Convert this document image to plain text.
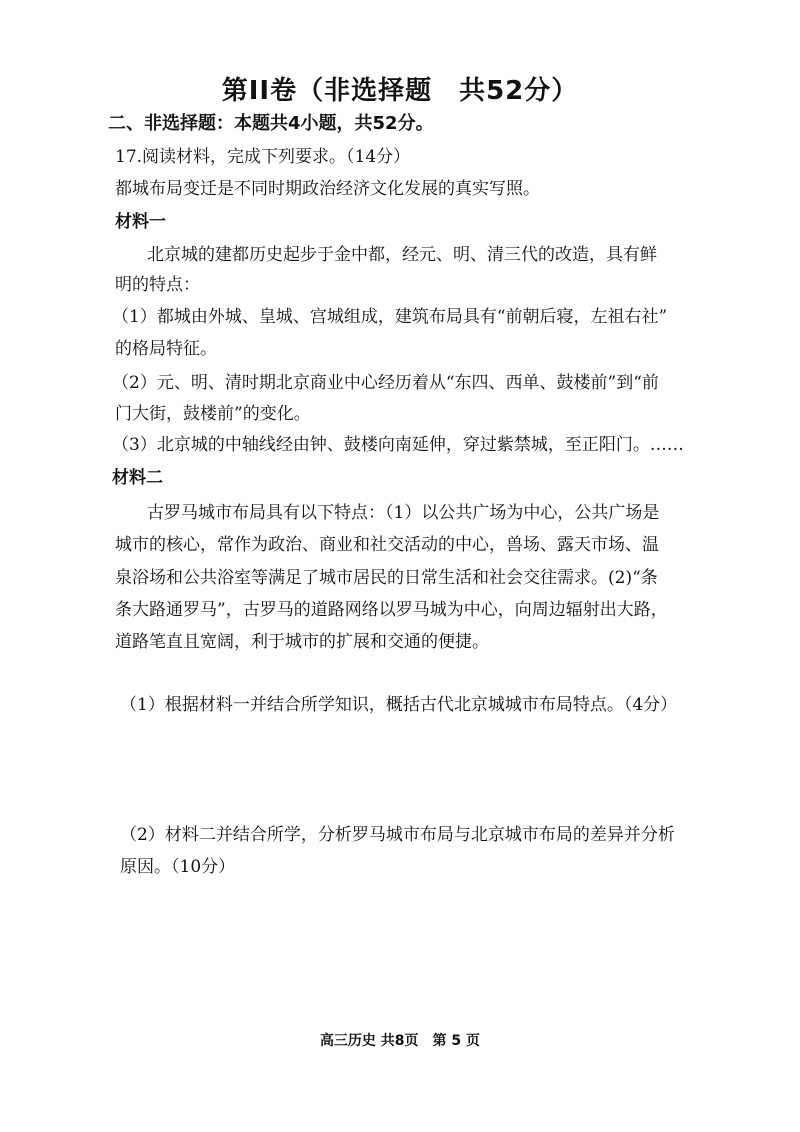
第II卷（非选择题　共52分）
二、非选择题：本题共4小题，共52分。
17.阅读材料，完成下列要求。（14分）
都城布局变迁是不同时期政治经济文化发展的真实写照。
材料一
北京城的建都历史起步于金中都，经元、明、清三代的改造，具有鲜
明的特点：
（1）都城由外城、皇城、宫城组成，建筑布局具有“前朝后寝，左祖右社”
的格局特征。
（2）元、明、清时期北京商业中心经历着从“东四、西单、鼓楼前”到“前
门大街，鼓楼前”的变化。
（3）北京城的中轴线经由钟、鼓楼向南延伸，穿过紫禁城，至正阳门。……
材料二
古罗马城市布局具有以下特点：（1）以公共广场为中心，公共广场是
城市的核心，常作为政治、商业和社交活动的中心，兽场、露天市场、温
泉浴场和公共浴室等满足了城市居民的日常生活和社会交往需求。(2)“条
条大路通罗马”，古罗马的道路网络以罗马城为中心，向周边辐射出大路，
道路笔直且宽阔，利于城市的扩展和交通的便捷。
（1）根据材料一并结合所学知识，概括古代北京城城市布局特点。（4分）
（2）材料二并结合所学，分析罗马城市布局与北京城市布局的差异并分析
原因。（10分）
高三历史 共8页　第 5 页
